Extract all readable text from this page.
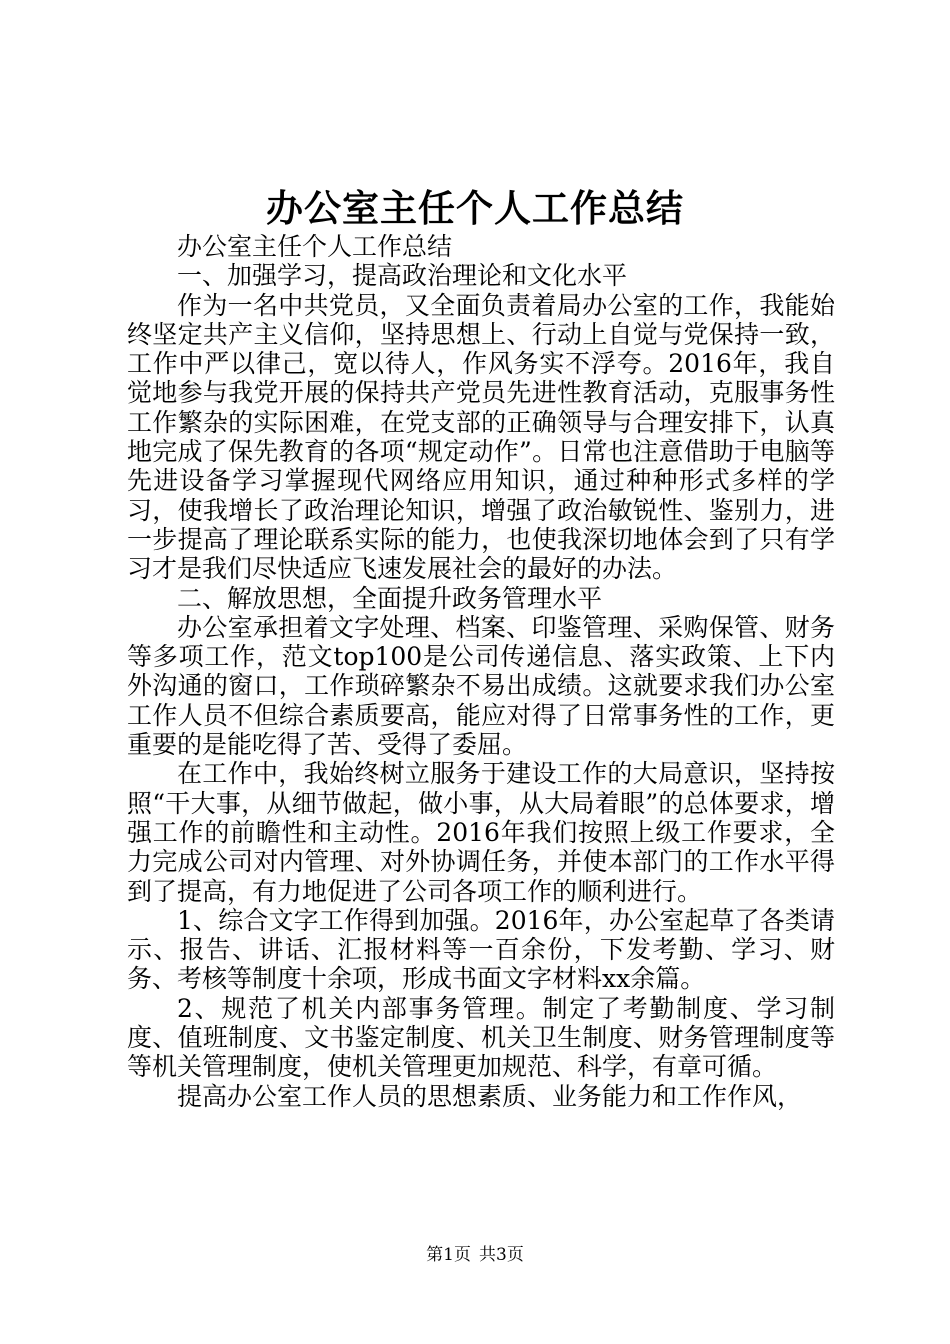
办公室主任个人工作总结

办公室主任个人工作总结

一、加强学习，提高政治理论和文化水平

作为一名中共党员，又全面负责着局办公室的工作，我能始终坚定共产主义信仰，坚持思想上、行动上自觉与党保持一致，工作中严以律己，宽以待人，作风务实不浮夸。2016年，我自觉地参与我党开展的保持共产党员先进性教育活动，克服事务性工作繁杂的实际困难，在党支部的正确领导与合理安排下，认真地完成了保先教育的各项“规定动作”。日常也注意借助于电脑等先进设备学习掌握现代网络应用知识，通过种种形式多样的学习，使我增长了政治理论知识，增强了政治敏锐性、鉴别力，进一步提高了理论联系实际的能力，也使我深切地体会到了只有学习才是我们尽快适应飞速发展社会的最好的办法。

二、解放思想，全面提升政务管理水平

办公室承担着文字处理、档案、印鉴管理、采购保管、财务等多项工作，范文top100是公司传递信息、落实政策、上下内外沟通的窗口，工作琐碎繁杂不易出成绩。这就要求我们办公室工作人员不但综合素质要高，能应对得了日常事务性的工作，更重要的是能吃得了苦、受得了委屈。

在工作中，我始终树立服务于建设工作的大局意识，坚持按照“干大事，从细节做起，做小事，从大局着眼”的总体要求，增强工作的前瞻性和主动性。2016年我们按照上级工作要求，全力完成公司对内管理、对外协调任务，并使本部门的工作水平得到了提高，有力地促进了公司各项工作的顺利进行。

1、综合文字工作得到加强。2016年，办公室起草了各类请示、报告、讲话、汇报材料等一百余份，下发考勤、学习、财务、考核等制度十余项，形成书面文字材料xx余篇。

2、规范了机关内部事务管理。制定了考勤制度、学习制度、值班制度、文书鉴定制度、机关卫生制度、财务管理制度等等机关管理制度，使机关管理更加规范、科学，有章可循。

提高办公室工作人员的思想素质、业务能力和工作作风，

第1页 共3页
